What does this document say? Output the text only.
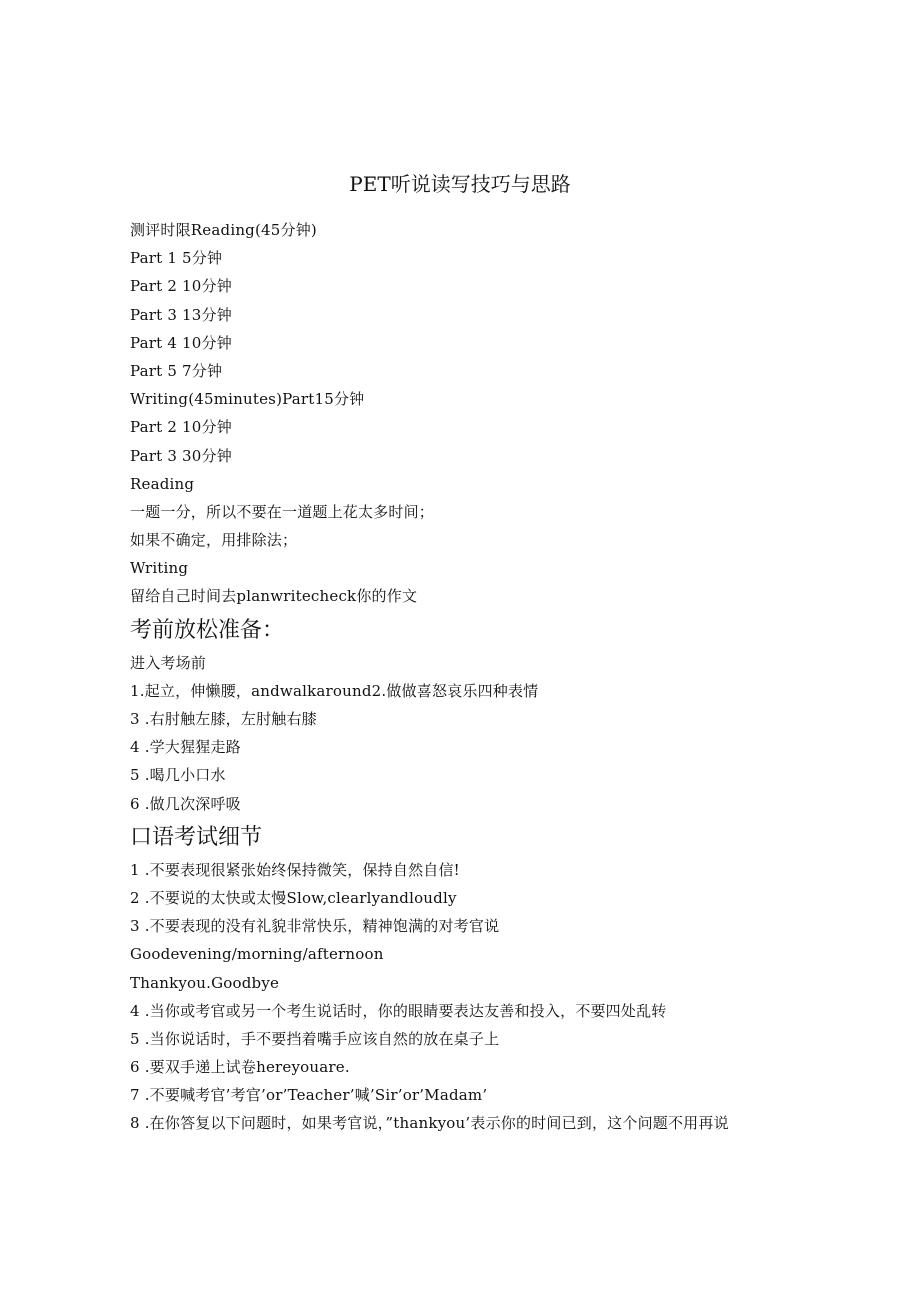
PET听说读写技巧与思路
测评时限Reading(45分钟)
Part 1 5分钟
Part 2 10分钟
Part 3 13分钟
Part 4 10分钟
Part 5 7分钟
Writing(45minutes)Part15分钟
Part 2 10分钟
Part 3 30分钟
Reading
一题一分，所以不要在一道题上花太多时间；
如果不确定，用排除法；
Writing
留给自己时间去planwritecheck你的作文
考前放松准备：
进入考场前
1.起立，伸懒腰，andwalkaround2.做做喜怒哀乐四种表情
3 .右肘触左膝，左肘触右膝
4 .学大猩猩走路
5 .喝几小口水
6 .做几次深呼吸
口语考试细节
1 .不要表现很紧张始终保持微笑，保持自然自信!
2 .不要说的太快或太慢Slow,clearlyandloudly
3 .不要表现的没有礼貌非常快乐，精神饱满的对考官说
Goodevening/morning/afternoon
Thankyou.Goodbye
4 .当你或考官或另一个考生说话时，你的眼睛要表达友善和投入，不要四处乱转
5 .当你说话时，手不要挡着嘴手应该自然的放在桌子上
6 .要双手递上试卷hereyouare.
7 .不要喊考官’考官’or’Teacher’喊’Sir’or’Madam’
8 .在你答复以下问题时，如果考官说，”thankyou’表示你的时间已到，这个问题不用再说
